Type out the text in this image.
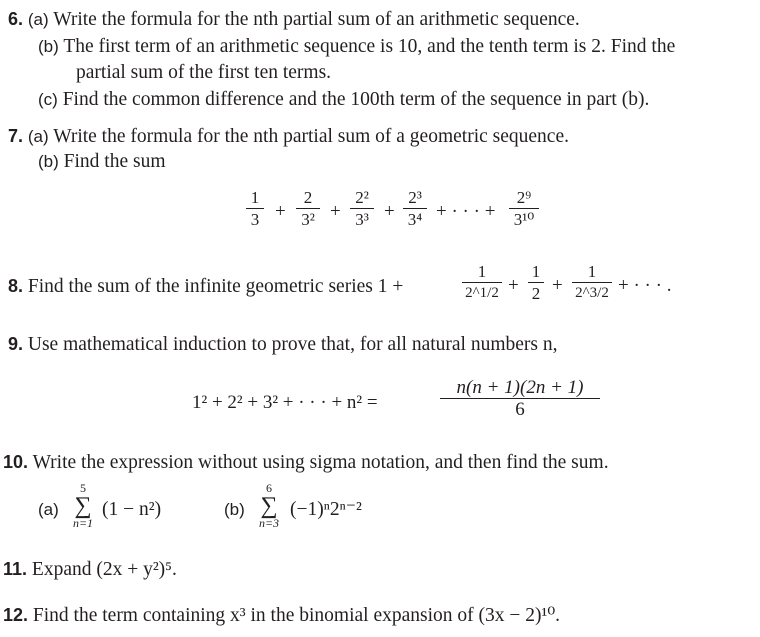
6. (a) Write the formula for the nth partial sum of an arithmetic sequence.
(b) The first term of an arithmetic sequence is 10, and the tenth term is 2. Find the
partial sum of the first ten terms.
(c) Find the common difference and the 100th term of the sequence in part (b).
7. (a) Write the formula for the nth partial sum of a geometric sequence.
(b) Find the sum
1
3 +
2
3² +
2²
3³ +
2³
3⁴ + · · · +
2⁹
3¹⁰
8. Find the sum of the infinite geometric series 1 +
1
2^1/2 +
1
2 +
1
2^3/2 + · · · .
9. Use mathematical induction to prove that, for all natural numbers n,
1² + 2² + 3² + · · · + n² =
n(n + 1)(2n + 1)
6
10. Write the expression without using sigma notation, and then find the sum.
(a)
5
∑
n=1
(1 − n²)	(b)
6
∑
n=3
(−1)ⁿ2ⁿ⁻²
11. Expand (2x + y²)⁵.
12. Find the term containing x³ in the binomial expansion of (3x − 2)¹⁰.
